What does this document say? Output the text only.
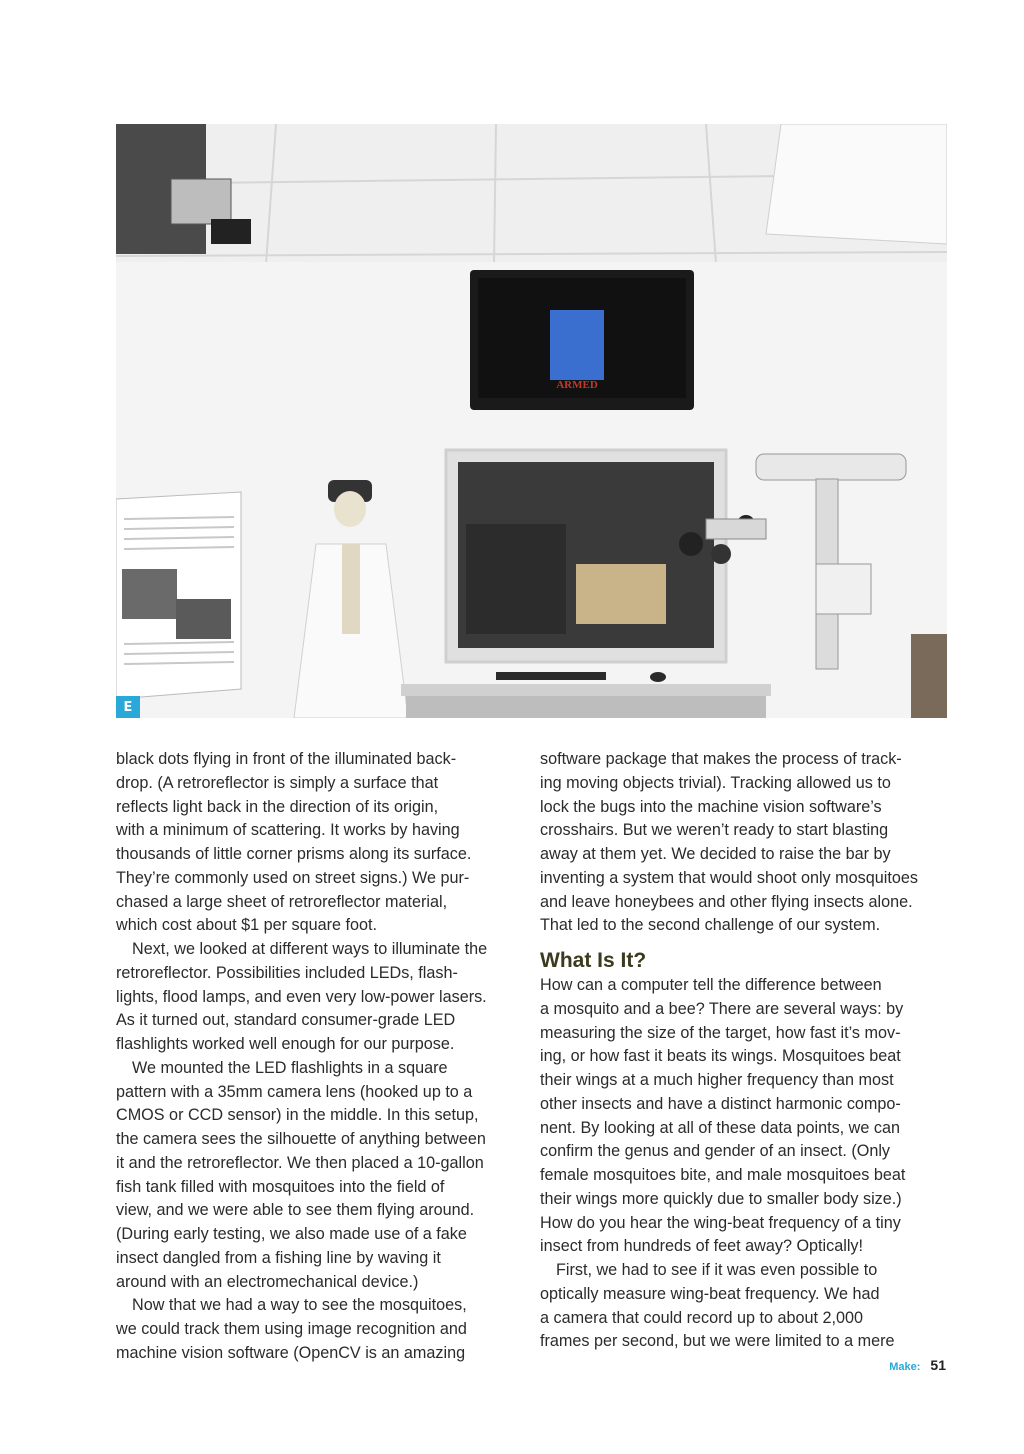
ARMED
E

black dots flying in front of the illuminated back-
drop. (A retroreflector is simply a surface that
reflects light back in the direction of its origin,
with a minimum of scattering. It works by having
thousands of little corner prisms along its surface.
They’re commonly used on street signs.) We pur-
chased a large sheet of retroreflector material,
which cost about $1 per square foot.

Next, we looked at different ways to illuminate the
retroreflector. Possibilities included LEDs, flash-
lights, flood lamps, and even very low-power lasers.
As it turned out, standard consumer-grade LED
flashlights worked well enough for our purpose.

We mounted the LED flashlights in a square
pattern with a 35mm camera lens (hooked up to a
CMOS or CCD sensor) in the middle. In this setup,
the camera sees the silhouette of anything between
it and the retroreflector. We then placed a 10-gallon
fish tank filled with mosquitoes into the field of
view, and we were able to see them flying around.
(During early testing, we also made use of a fake
insect dangled from a fishing line by waving it
around with an electromechanical device.)

Now that we had a way to see the mosquitoes,
we could track them using image recognition and
machine vision software (OpenCV is an amazing

software package that makes the process of track-
ing moving objects trivial). Tracking allowed us to
lock the bugs into the machine vision software’s
crosshairs. But we weren’t ready to start blasting
away at them yet. We decided to raise the bar by
inventing a system that would shoot only mosquitoes
and leave honeybees and other flying insects alone.
That led to the second challenge of our system.

What Is It?

How can a computer tell the difference between
a mosquito and a bee? There are several ways: by
measuring the size of the target, how fast it’s mov-
ing, or how fast it beats its wings. Mosquitoes beat
their wings at a much higher frequency than most
other insects and have a distinct harmonic compo-
nent. By looking at all of these data points, we can
confirm the genus and gender of an insect. (Only
female mosquitoes bite, and male mosquitoes beat
their wings more quickly due to smaller body size.)
How do you hear the wing-beat frequency of a tiny
insect from hundreds of feet away? Optically!

First, we had to see if it was even possible to
optically measure wing-beat frequency. We had
a camera that could record up to about 2,000
frames per second, but we were limited to a mere

Make: 51
